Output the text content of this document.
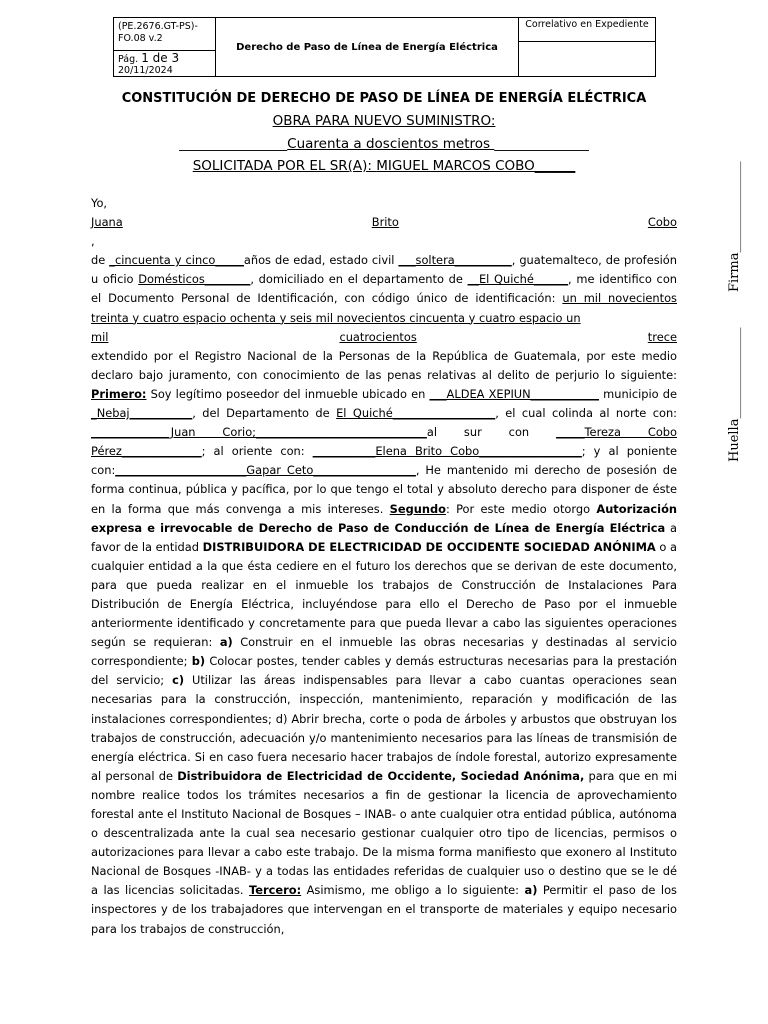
(PE.2676.GT-PS)-FO.08 v.2
Pág. 1 de 3
20/11/2024
Derecho de Paso de Línea de Energía Eléctrica
Correlativo en Expediente
CONSTITUCIÓN DE DERECHO DE PASO DE LÍNEA DE ENERGÍA ELÉCTRICA
OBRA PARA NUEVO SUMINISTRO:
________________Cuarenta a doscientos metros ______________
SOLICITADA POR EL SR(A): MIGUEL MARCOS COBO______

Yo,

Juana	Brito	Cobo

,

de _cincuenta y cinco_____años de edad, estado civil ___soltera__________, guatemalteco, de profesión u oficio Domésticos________, domiciliado en el departamento de __El Quiché______, me identifico con el Documento Personal de Identificación, con código único de identificación: un mil novecientos treinta y cuatro espacio ochenta y seis mil novecientos cincuenta y cuatro espacio un

mil	cuatrocientos	trece

extendido por el Registro Nacional de la Personas de la República de Guatemala, por este medio declaro bajo juramento, con conocimiento de las penas relativas al delito de perjurio lo siguiente: Primero: Soy legítimo poseedor del inmueble ubicado en ___ALDEA XEPIUN____________ municipio de _Nebaj___________, del Departamento de El Quiché__________________, el cual colinda al norte con: ______________Juan Corio;______________________________al sur con _____Tereza Cobo Pérez______________; al oriente con: ___________Elena Brito Cobo__________________; y al poniente con:_______________________Gapar Ceto__________________, He mantenido mi derecho de posesión de forma continua, pública y pacífica, por lo que tengo el total y absoluto derecho para disponer de éste en la forma que más convenga a mis intereses. Segundo: Por este medio otorgo Autorización expresa e irrevocable de Derecho de Paso de Conducción de Línea de Energía Eléctrica a favor de la entidad DISTRIBUIDORA DE ELECTRICIDAD DE OCCIDENTE SOCIEDAD ANÓNIMA o a cualquier entidad a la que ésta cediere en el futuro los derechos que se derivan de este documento, para que pueda realizar en el inmueble los trabajos de Construcción de Instalaciones Para Distribución de Energía Eléctrica, incluyéndose para ello el Derecho de Paso por el inmueble anteriormente identificado y concretamente para que pueda llevar a cabo las siguientes operaciones según se requieran: a) Construir en el inmueble las obras necesarias y destinadas al servicio correspondiente; b) Colocar postes, tender cables y demás estructuras necesarias para la prestación del servicio; c) Utilizar las áreas indispensables para llevar a cabo cuantas operaciones sean necesarias para la construcción, inspección, mantenimiento, reparación y modificación de las instalaciones correspondientes; d) Abrir brecha, corte o poda de árboles y arbustos que obstruyan los trabajos de construcción, adecuación y/o mantenimiento necesarios para las líneas de transmisión de energía eléctrica. Si en caso fuera necesario hacer trabajos de índole forestal, autorizo expresamente al personal de Distribuidora de Electricidad de Occidente, Sociedad Anónima, para que en mi nombre realice todos los trámites necesarios a fin de gestionar la licencia de aprovechamiento forestal ante el Instituto Nacional de Bosques – INAB- o ante cualquier otra entidad pública, autónoma o descentralizada ante la cual sea necesario gestionar cualquier otro tipo de licencias, permisos o autorizaciones para llevar a cabo este trabajo. De la misma forma manifiesto que exonero al Instituto Nacional de Bosques -INAB- y a todas las entidades referidas de cualquier uso o destino que se le dé a las licencias solicitadas. Tercero: Asimismo, me obligo a lo siguiente: a) Permitir el paso de los inspectores y de los trabajadores que intervengan en el transporte de materiales y equipo necesario para los trabajos de construcción,

Firma______________
Huella______________
